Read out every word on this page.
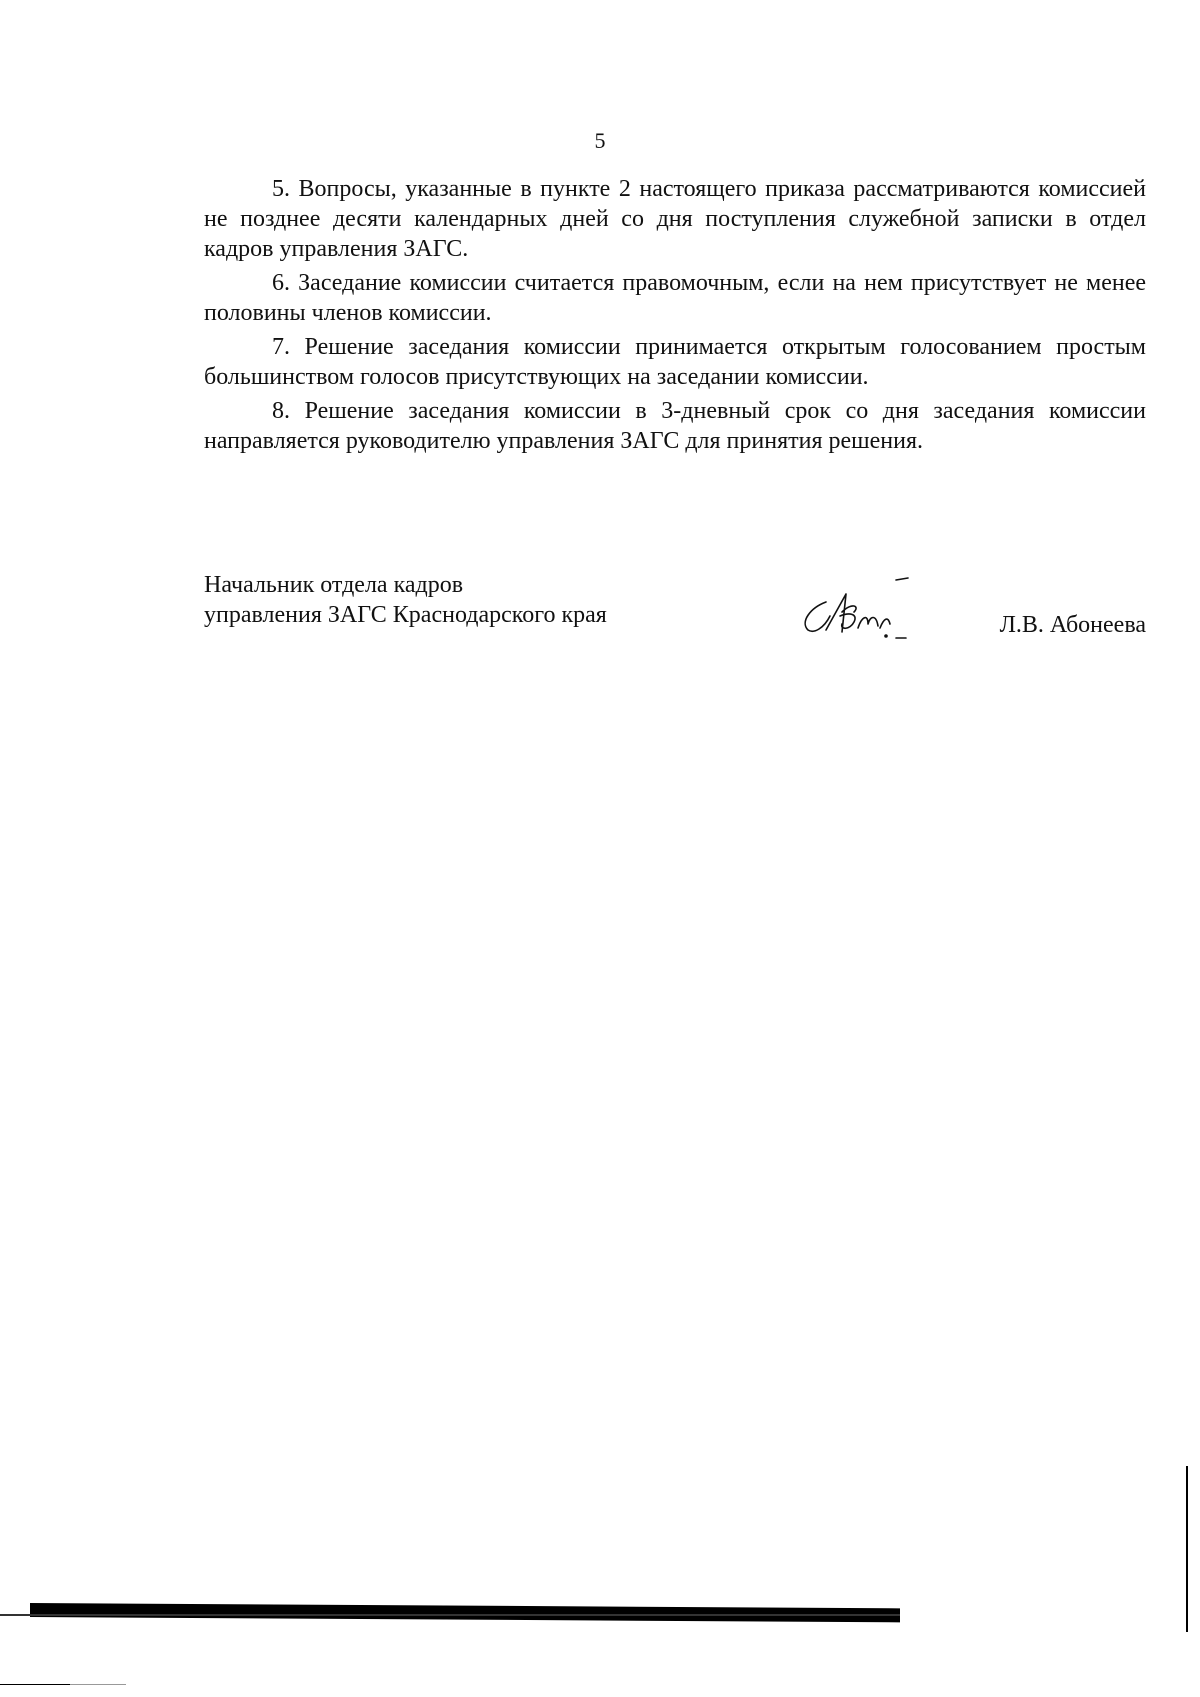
5

5. Вопросы, указанные в пункте 2 настоящего приказа рассматриваются комиссией не позднее десяти календарных дней со дня поступления служебной записки в отдел кадров управления ЗАГС.

6. Заседание комиссии считается правомочным, если на нем присутствует не менее половины членов комиссии.

7. Решение заседания комиссии принимается открытым голосованием простым большинством голосов присутствующих на заседании комиссии.

8. Решение заседания комиссии в 3-дневный срок со дня заседания комиссии направляется руководителю управления ЗАГС для принятия решения.

Начальник отдела кадров
управления ЗАГС Краснодарского края	Л.В. Абонеева
